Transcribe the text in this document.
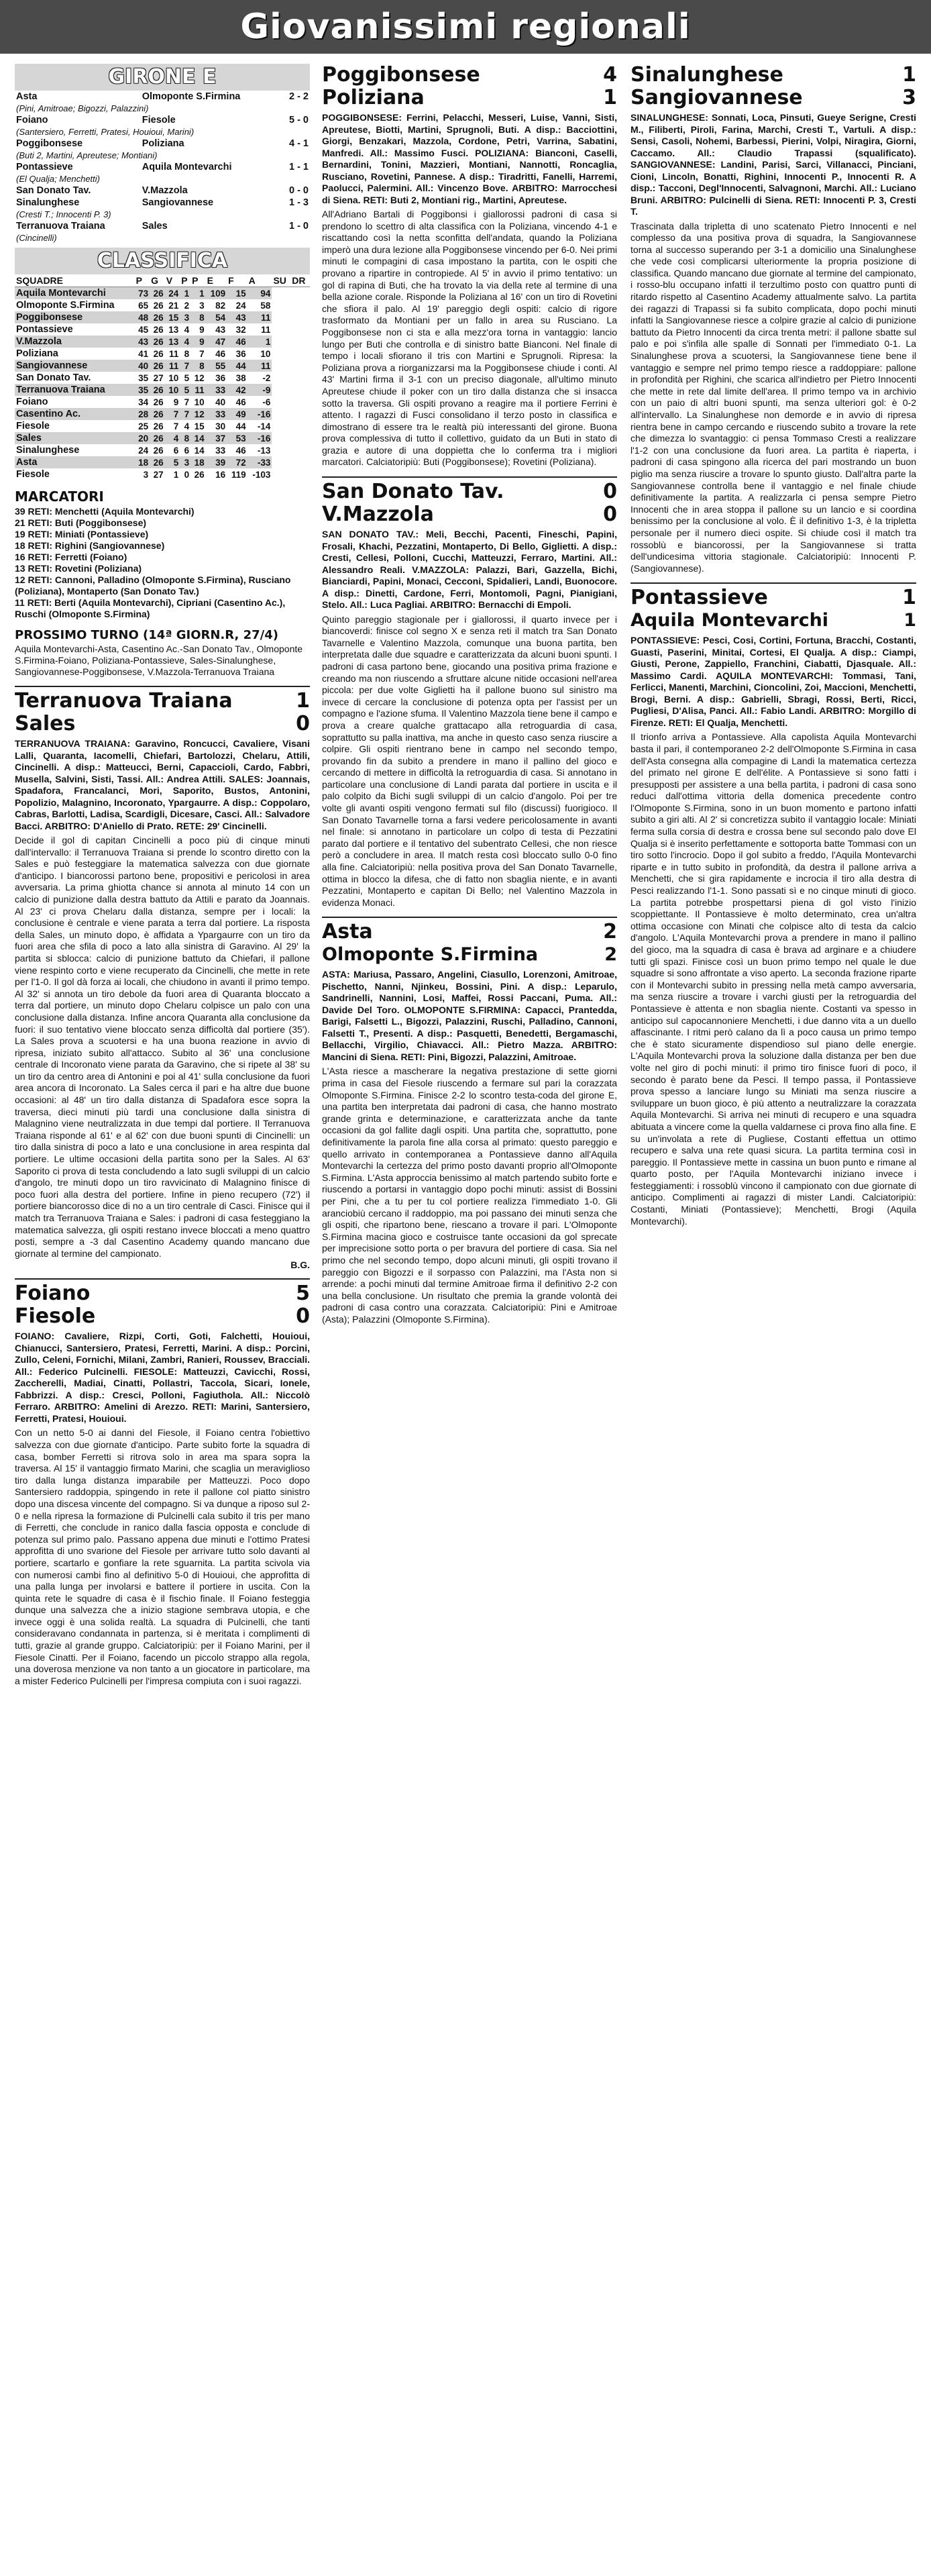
Giovanissimi regionali
GIRONE E
Asta	Olmoponte S.Firmina	2 - 2
(Pini, Amitroae; Bigozzi, Palazzini)		
Foiano	Fiesole	5 - 0
(Santersiero, Ferretti, Pratesi, Houioui, Marini)		
Poggibonsese	Poliziana	4 - 1
(Buti 2, Martini, Apreutese; Montiani)		
Pontassieve	Aquila Montevarchi	1 - 1
(El Qualja; Menchetti)		
San Donato Tav.	V.Mazzola	0 - 0
Sinalunghese	Sangiovannese	1 - 3
(Cresti T.; Innocenti P. 3)		
Terranuova Traiana	Sales	1 - 0
(Cincinelli)		
CLASSIFICA
SQUADRE	P	G	V	P	P	E	F	A	SU	DR
Aquila Montevarchi	73	26	24	1	1	109	15	94		
Olmoponte S.Firmina	65	26	21	2	3	82	24	58		
Poggibonsese	48	26	15	3	8	54	43	11		
Pontassieve	45	26	13	4	9	43	32	11		
V.Mazzola	43	26	13	4	9	47	46	1		
Poliziana	41	26	11	8	7	46	36	10		
Sangiovannese	40	26	11	7	8	55	44	11		
San Donato Tav.	35	27	10	5	12	36	38	-2		
Terranuova Traiana	35	26	10	5	11	33	42	-9		
Foiano	34	26	9	7	10	40	46	-6		
Casentino Ac.	28	26	7	7	12	33	49	-16		
Fiesole	25	26	7	4	15	30	44	-14		
Sales	20	26	4	8	14	37	53	-16		
Sinalunghese	24	26	6	6	14	33	46	-13		
Asta	18	26	5	3	18	39	72	-33		
Fiesole	3	27	1	0	26	16	119	-103		
MARCATORI
39 RETI: Menchetti (Aquila Montevarchi)
21 RETI: Buti (Poggibonsese)
19 RETI: Miniati (Pontassieve)
18 RETI: Righini (Sangiovannese)
16 RETI: Ferretti (Foiano)
13 RETI: Rovetini (Poliziana)
12 RETI: Cannoni, Palladino (Olmoponte S.Firmina), Rusciano (Poliziana), Montaperto (San Donato Tav.)
11 RETI: Berti (Aquila Montevarchi), Cipriani (Casentino Ac.), Ruschi (Olmoponte S.Firmina)
PROSSIMO TURNO (14ª GIORN.R, 27/4)
Aquila Montevarchi-Asta, Casentino Ac.-San Donato Tav., Olmoponte S.Firmina-Foiano, Poliziana-Pontassieve, Sales-Sinalunghese, Sangiovannese-Poggibonsese, V.Mazzola-Terranuova Traiana
Terranuova Traiana	1
Sales	0
TERRANUOVA TRAIANA: Garavino, Roncucci, Cavaliere, Visani Lalli, Quaranta, Iacomelli, Chiefari, Bartolozzi, Chelaru, Attili, Cincinelli. A disp.: Matteucci, Berni, Capaccioli, Cardo, Fabbri, Musella, Salvini, Sisti, Tassi. All.: Andrea Attili. SALES: Joannais, Spadafora, Francalanci, Mori, Saporito, Bustos, Antonini, Popolizio, Malagnino, Incoronato, Ypargaurre. A disp.: Coppolaro, Cabras, Barlotti, Ladisa, Scardigli, Dicesare, Casci. All.: Salvadore Bacci. ARBITRO: D'Aniello di Prato. RETE: 29' Cincinelli.
Decide il gol di capitan Cincinelli a poco più di cinque minuti dall'intervallo: il Terranuova Traiana si prende lo scontro diretto con la Sales e può festeggiare la matematica salvezza con due giornate d'anticipo. I biancorossi partono bene, propositivi e pericolosi in area avversaria. La prima ghiotta chance si annota al minuto 14 con un calcio di punizione dalla destra battuto da Attili e parato da Joannais. Al 23' ci prova Chelaru dalla distanza, sempre per i locali: la conclusione è centrale e viene parata a terra dal portiere. La risposta della Sales, un minuto dopo, è affidata a Ypargaurre con un tiro da fuori area che sfila di poco a lato alla sinistra di Garavino. Al 29' la partita si sblocca: calcio di punizione battuto da Chiefari, il pallone viene respinto corto e viene recuperato da Cincinelli, che mette in rete per l'1-0. Il gol dà forza ai locali, che chiudono in avanti il primo tempo. Al 32' si annota un tiro debole da fuori area di Quaranta bloccato a terra dal portiere, un minuto dopo Chelaru colpisce un palo con una conclusione dalla distanza. Infine ancora Quaranta alla conclusione da fuori: il suo tentativo viene bloccato senza difficoltà dal portiere (35'). La Sales prova a scuotersi e ha una buona reazione in avvio di ripresa, iniziato subito all'attacco. Subito al 36' una conclusione centrale di Incoronato viene parata da Garavino, che si ripete al 38' su un tiro da centro area di Antonini e poi al 41' sulla conclusione da fuori area ancora di Incoronato. La Sales cerca il pari e ha altre due buone occasioni: al 48' un tiro dalla distanza di Spadafora esce sopra la traversa, dieci minuti più tardi una conclusione dalla sinistra di Malagnino viene neutralizzata in due tempi dal portiere. Il Terranuova Traiana risponde al 61' e al 62' con due buoni spunti di Cincinelli: un tiro dalla sinistra di poco a lato e una conclusione in area respinta dal portiere. Le ultime occasioni della partita sono per la Sales. Al 63' Saporito ci prova di testa concludendo a lato sugli sviluppi di un calcio d'angolo, tre minuti dopo un tiro ravvicinato di Malagnino finisce di poco fuori alla destra del portiere. Infine in pieno recupero (72') il portiere biancorosso dice di no a un tiro centrale di Casci. Finisce qui il match tra Terranuova Traiana e Sales: i padroni di casa festeggiano la matematica salvezza, gli ospiti restano invece bloccati a meno quattro posti, sempre a -3 dal Casentino Academy quando mancano due giornate al termine del campionato.
B.G.
Foiano	5
Fiesole	0
FOIANO: Cavaliere, Rizpi, Corti, Goti, Falchetti, Houioui, Chianucci, Santersiero, Pratesi, Ferretti, Marini. A disp.: Porcini, Zullo, Celeni, Fornichi, Milani, Zambri, Ranieri, Roussev, Bracciali. All.: Federico Pulcinelli. FIESOLE: Matteuzzi, Cavicchi, Rossi, Zaccherelli, Madiai, Cinatti, Pollastri, Taccola, Sicari, Ionele, Fabbrizzi. A disp.: Cresci, Polloni, Fagiuthola. All.: Niccolò Ferraro. ARBITRO: Amelini di Arezzo. RETI: Marini, Santersiero, Ferretti, Pratesi, Houioui.
Con un netto 5-0 ai danni del Fiesole, il Foiano centra l'obiettivo salvezza con due giornate d'anticipo. Parte subito forte la squadra di casa, bomber Ferretti si ritrova solo in area ma spara sopra la traversa. Al 15' il vantaggio firmato Marini, che scaglia un meraviglioso tiro dalla lunga distanza imparabile per Matteuzzi. Poco dopo Santersiero raddoppia, spingendo in rete il pallone col piatto sinistro dopo una discesa vincente del compagno. Si va dunque a riposo sul 2-0 e nella ripresa la formazione di Pulcinelli cala subito il tris per mano di Ferretti, che conclude in ranico dalla fascia opposta e conclude di potenza sul primo palo. Passano appena due minuti e l'ottimo Pratesi approfitta di uno svarione del Fiesole per arrivare tutto solo davanti al portiere, scartarlo e gonfiare la rete sguarnita. La partita scivola via con numerosi cambi fino al definitivo 5-0 di Houioui, che approfitta di una palla lunga per involarsi e battere il portiere in uscita. Con la quinta rete le squadre di casa è il fischio finale. Il Foiano festeggia dunque una salvezza che a inizio stagione sembrava utopia, e che invece oggi è una solida realtà. La squadra di Pulcinelli, che tanti consideravano condannata in partenza, si è meritata i complimenti di tutti, grazie al grande gruppo. Calciatoripiù: per il Foiano Marini, per il Fiesole Cinatti. Per il Foiano, facendo un piccolo strappo alla regola, una doverosa menzione va non tanto a un giocatore in particolare, ma a mister Federico Pulcinelli per l'impresa compiuta con i suoi ragazzi.
Poggibonsese	4
Poliziana	1
POGGIBONSESE: Ferrini, Pelacchi, Messeri, Luise, Vanni, Sisti, Apreutese, Biotti, Martini, Sprugnoli, Buti. A disp.: Bacciottini, Giorgi, Benzakari, Mazzola, Cordone, Petri, Varrina, Sabatini, Manfredi. All.: Massimo Fusci. POLIZIANA: Bianconi, Caselli, Bernardini, Tonini, Mazzieri, Montiani, Nannotti, Roncaglia, Rusciano, Rovetini, Pannese. A disp.: Tiradritti, Fanelli, Harremi, Paolucci, Palermini. All.: Vincenzo Bove. ARBITRO: Marrocchesi di Siena. RETI: Buti 2, Montiani rig., Martini, Apreutese.
All'Adriano Bartali di Poggibonsi i giallorossi padroni di casa si prendono lo scettro di alta classifica con la Poliziana, vincendo 4-1 e riscattando così la netta sconfitta dell'andata, quando la Poliziana imperò una dura lezione alla Poggibonsese vincendo per 6-0. Nei primi minuti le compagini di casa impostano la partita, con le ospiti che provano a ripartire in contropiede. Al 5' in avvio il primo tentativo: un gol di rapina di Buti, che ha trovato la via della rete al termine di una bella azione corale. Risponde la Poliziana al 16' con un tiro di Rovetini che sfiora il palo. Al 19' pareggio degli ospiti: calcio di rigore trasformato da Montiani per un fallo in area su Rusciano. La Poggibonsese non ci sta e alla mezz'ora torna in vantaggio: lancio lungo per Buti che controlla e di sinistro batte Bianconi. Nel finale di tempo i locali sfiorano il tris con Martini e Sprugnoli. Ripresa: la Poliziana prova a riorganizzarsi ma la Poggibonsese chiude i conti. Al 43' Martini firma il 3-1 con un preciso diagonale, all'ultimo minuto Apreutese chiude il poker con un tiro dalla distanza che si insacca sotto la traversa. Gli ospiti provano a reagire ma il portiere Ferrini è attento. I ragazzi di Fusci consolidano il terzo posto in classifica e dimostrano di essere tra le realtà più interessanti del girone. Buona prova complessiva di tutto il collettivo, guidato da un Buti in stato di grazia e autore di una doppietta che lo conferma tra i migliori marcatori. Calciatoripiù: Buti (Poggibonsese); Rovetini (Poliziana).
San Donato Tav.	0
V.Mazzola	0
SAN DONATO TAV.: Meli, Becchi, Pacenti, Fineschi, Papini, Frosali, Khachi, Pezzatini, Montaperto, Di Bello, Giglietti. A disp.: Cresti, Cellesi, Polloni, Cucchi, Matteuzzi, Ferraro, Martini. All.: Alessandro Reali. V.MAZZOLA: Palazzi, Bari, Gazzella, Bichi, Bianciardi, Papini, Monaci, Cecconi, Spidalieri, Landi, Buonocore. A disp.: Dinetti, Cardone, Ferri, Montomoli, Pagni, Pianigiani, Stelo. All.: Luca Pagliai. ARBITRO: Bernacchi di Empoli.
Quinto pareggio stagionale per i giallorossi, il quarto invece per i biancoverdi: finisce col segno X e senza reti il match tra San Donato Tavarnelle e Valentino Mazzola, comunque una buona partita, ben interpretata dalle due squadre e caratterizzata da alcuni buoni spunti. I padroni di casa partono bene, giocando una positiva prima frazione e creando ma non riuscendo a sfruttare alcune nitide occasioni nell'area piccola: per due volte Giglietti ha il pallone buono sul sinistro ma invece di cercare la conclusione di potenza opta per l'assist per un compagno e l'azione sfuma. Il Valentino Mazzola tiene bene il campo e prova a creare qualche grattacapo alla retroguardia di casa, soprattutto su palla inattiva, ma anche in questo caso senza riuscire a colpire. Gli ospiti rientrano bene in campo nel secondo tempo, provando fin da subito a prendere in mano il pallino del gioco e cercando di mettere in difficoltà la retroguardia di casa. Si annotano in particolare una conclusione di Landi parata dal portiere in uscita e il palo colpito da Bichi sugli sviluppi di un calcio d'angolo. Poi per tre volte gli avanti ospiti vengono fermati sul filo (discussi) fuorigioco. Il San Donato Tavarnelle torna a farsi vedere pericolosamente in avanti nel finale: si annotano in particolare un colpo di testa di Pezzatini parato dal portiere e il tentativo del subentrato Cellesi, che non riesce però a concludere in area. Il match resta così bloccato sullo 0-0 fino alla fine. Calciatoripiù: nella positiva prova del San Donato Tavarnelle, ottima in blocco la difesa, che di fatto non sbaglia niente, e in avanti Pezzatini, Montaperto e capitan Di Bello; nel Valentino Mazzola in evidenza Monaci.
Asta	2
Olmoponte S.Firmina	2
ASTA: Mariusa, Passaro, Angelini, Ciasullo, Lorenzoni, Amitroae, Pischetto, Nanni, Njinkeu, Bossini, Pini. A disp.: Leparulo, Sandrinelli, Nannini, Losi, Maffei, Rossi Paccani, Puma. All.: Davide Del Toro. OLMOPONTE S.FIRMINA: Capacci, Prantedda, Barigi, Falsetti L., Bigozzi, Palazzini, Ruschi, Palladino, Cannoni, Falsetti T., Presenti. A disp.: Pasquetti, Benedetti, Bergamaschi, Bellacchi, Virgilio, Chiavacci. All.: Pietro Mazza. ARBITRO: Mancini di Siena. RETI: Pini, Bigozzi, Palazzini, Amitroae.
L'Asta riesce a mascherare la negativa prestazione di sette giorni prima in casa del Fiesole riuscendo a fermare sul pari la corazzata Olmoponte S.Firmina. Finisce 2-2 lo scontro testa-coda del girone E, una partita ben interpretata dai padroni di casa, che hanno mostrato grande grinta e determinazione, e caratterizzata anche da tante occasioni da gol fallite dagli ospiti. Una partita che, soprattutto, pone definitivamente la parola fine alla corsa al primato: questo pareggio e quello arrivato in contemporanea a Pontassieve danno all'Aquila Montevarchi la certezza del primo posto davanti proprio all'Olmoponte S.Firmina. L'Asta approccia benissimo al match partendo subito forte e riuscendo a portarsi in vantaggio dopo pochi minuti: assist di Bossini per Pini, che a tu per tu col portiere realizza l'immediato 1-0. Gli aranciobiù cercano il raddoppio, ma poi passano dei minuti senza che gli ospiti, che ripartono bene, riescano a trovare il pari. L'Olmoponte S.Firmina macina gioco e costruisce tante occasioni da gol sprecate per imprecisione sotto porta o per bravura del portiere di casa. Sia nel primo che nel secondo tempo, dopo alcuni minuti, gli ospiti trovano il pareggio con Bigozzi e il sorpasso con Palazzini, ma l'Asta non si arrende: a pochi minuti dal termine Amitroae firma il definitivo 2-2 con una bella conclusione. Un risultato che premia la grande volontà dei padroni di casa contro una corazzata. Calciatoripiù: Pini e Amitroae (Asta); Palazzini (Olmoponte S.Firmina).
Sinalunghese	1
Sangiovannese	3
SINALUNGHESE: Sonnati, Loca, Pinsuti, Gueye Serigne, Cresti M., Filiberti, Piroli, Farina, Marchi, Cresti T., Vartuli. A disp.: Sensi, Casoli, Nohemi, Barbessi, Pierini, Volpi, Niragira, Giorni, Caccamo. All.: Claudio Trapassi (squalificato). SANGIOVANNESE: Landini, Parisi, Sarci, Villanacci, Pinciani, Cioni, Lincoln, Bonatti, Righini, Innocenti P., Innocenti R. A disp.: Tacconi, Degl'Innocenti, Salvagnoni, Marchi. All.: Luciano Bruni. ARBITRO: Pulcinelli di Siena. RETI: Innocenti P. 3, Cresti T.
Trascinata dalla tripletta di uno scatenato Pietro Innocenti e nel complesso da una positiva prova di squadra, la Sangiovannese torna al successo superando per 3-1 a domicilio una Sinalunghese che vede così complicarsi ulteriormente la propria posizione di classifica. Quando mancano due giornate al termine del campionato, i rosso-blu occupano infatti il terzultimo posto con quattro punti di ritardo rispetto al Casentino Academy attualmente salvo. La partita dei ragazzi di Trapassi si fa subito complicata, dopo pochi minuti infatti la Sangiovannese riesce a colpire grazie al calcio di punizione battuto da Pietro Innocenti da circa trenta metri: il pallone sbatte sul palo e poi s'infila alle spalle di Sonnati per l'immediato 0-1. La Sinalunghese prova a scuotersi, la Sangiovannese tiene bene il vantaggio e sempre nel primo tempo riesce a raddoppiare: pallone in profondità per Righini, che scarica all'indietro per Pietro Innocenti che mette in rete dal limite dell'area. Il primo tempo va in archivio con un paio di altri buoni spunti, ma senza ulteriori gol: è 0-2 all'intervallo. La Sinalunghese non demorde e in avvio di ripresa rientra bene in campo cercando e riuscendo subito a trovare la rete che dimezza lo svantaggio: ci pensa Tommaso Cresti a realizzare l'1-2 con una conclusione da fuori area. La partita è riaperta, i padroni di casa spingono alla ricerca del pari mostrando un buon piglio ma senza riuscire a trovare lo spunto giusto. Dall'altra parte la Sangiovannese controlla bene il vantaggio e nel finale chiude definitivamente la partita. A realizzarla ci pensa sempre Pietro Innocenti che in area stoppa il pallone su un lancio e si coordina benissimo per la conclusione al volo. È il definitivo 1-3, è la tripletta personale per il numero dieci ospite. Si chiude così il match tra rossoblù e biancorossi, per la Sangiovannese si tratta dell'undicesima vittoria stagionale. Calciatoripiù: Innocenti P. (Sangiovannese).
Pontassieve	1
Aquila Montevarchi	1
PONTASSIEVE: Pesci, Cosi, Cortini, Fortuna, Bracchi, Costanti, Guasti, Paserini, Minitai, Cortesi, El Qualja. A disp.: Ciampi, Giusti, Perone, Zappiello, Franchini, Ciabatti, Djasquale. All.: Massimo Cardi. AQUILA MONTEVARCHI: Tommasi, Tani, Ferlicci, Manenti, Marchini, Cioncolini, Zoi, Maccioni, Menchetti, Brogi, Berni. A disp.: Gabrielli, Sbragi, Rossi, Berti, Ricci, Pugliesi, D'Alisa, Panci. All.: Fabio Landi. ARBITRO: Morgillo di Firenze. RETI: El Qualja, Menchetti.
Il trionfo arriva a Pontassieve. Alla capolista Aquila Montevarchi basta il pari, il contemporaneo 2-2 dell'Olmoponte S.Firmina in casa dell'Asta consegna alla compagine di Landi la matematica certezza del primato nel girone E dell'élite. A Pontassieve si sono fatti i presupposti per assistere a una bella partita, i padroni di casa sono reduci dall'ottima vittoria della domenica precedente contro l'Olmoponte S.Firmina, sono in un buon momento e partono infatti subito a giri alti. Al 2' si concretizza subito il vantaggio locale: Miniati ferma sulla corsia di destra e crossa bene sul secondo palo dove El Qualja si è inserito perfettamente e sottoporta batte Tommasi con un tiro sotto l'incrocio. Dopo il gol subito a freddo, l'Aquila Montevarchi riparte e in tutto subito in profondità, da destra il pallone arriva a Menchetti, che si gira rapidamente e incrocia il tiro alla destra di Pesci realizzando l'1-1. Sono passati sì e no cinque minuti di gioco. La partita potrebbe prospettarsi piena di gol visto l'inizio scoppiettante. Il Pontassieve è molto determinato, crea un'altra ottima occasione con Minati che colpisce alto di testa da calcio d'angolo. L'Aquila Montevarchi prova a prendere in mano il pallino del gioco, ma la squadra di casa è brava ad arginare e a chiudere tutti gli spazi. Finisce così un buon primo tempo nel quale le due squadre si sono affrontate a viso aperto. La seconda frazione riparte con il Montevarchi subito in pressing nella metà campo avversaria, ma senza riuscire a trovare i varchi giusti per la retroguardia del Pontassieve è attenta e non sbaglia niente. Costanti va spesso in anticipo sul capocannoniere Menchetti, i due danno vita a un duello affascinante. I ritmi però calano da lì a poco causa un primo tempo che è stato sicuramente dispendioso sul piano delle energie. L'Aquila Montevarchi prova la soluzione dalla distanza per ben due volte nel giro di pochi minuti: il primo tiro finisce fuori di poco, il secondo è parato bene da Pesci. Il tempo passa, il Pontassieve prova spesso a lanciare lungo su Miniati ma senza riuscire a sviluppare un buon gioco, è più attento a neutralizzare la corazzata Aquila Montevarchi. Si arriva nei minuti di recupero e una squadra abituata a vincere come la quella valdarnese ci prova fino alla fine. E su un'involata a rete di Pugliese, Costanti effettua un ottimo recupero e salva una rete quasi sicura. La partita termina così in pareggio. Il Pontassieve mette in cassina un buon punto e rimane al quarto posto, per l'Aquila Montevarchi iniziano invece i festeggiamenti: i rossoblù vincono il campionato con due giornate di anticipo. Complimenti ai ragazzi di mister Landi. Calciatoripiù: Costanti, Miniati (Pontassieve); Menchetti, Brogi (Aquila Montevarchi).
